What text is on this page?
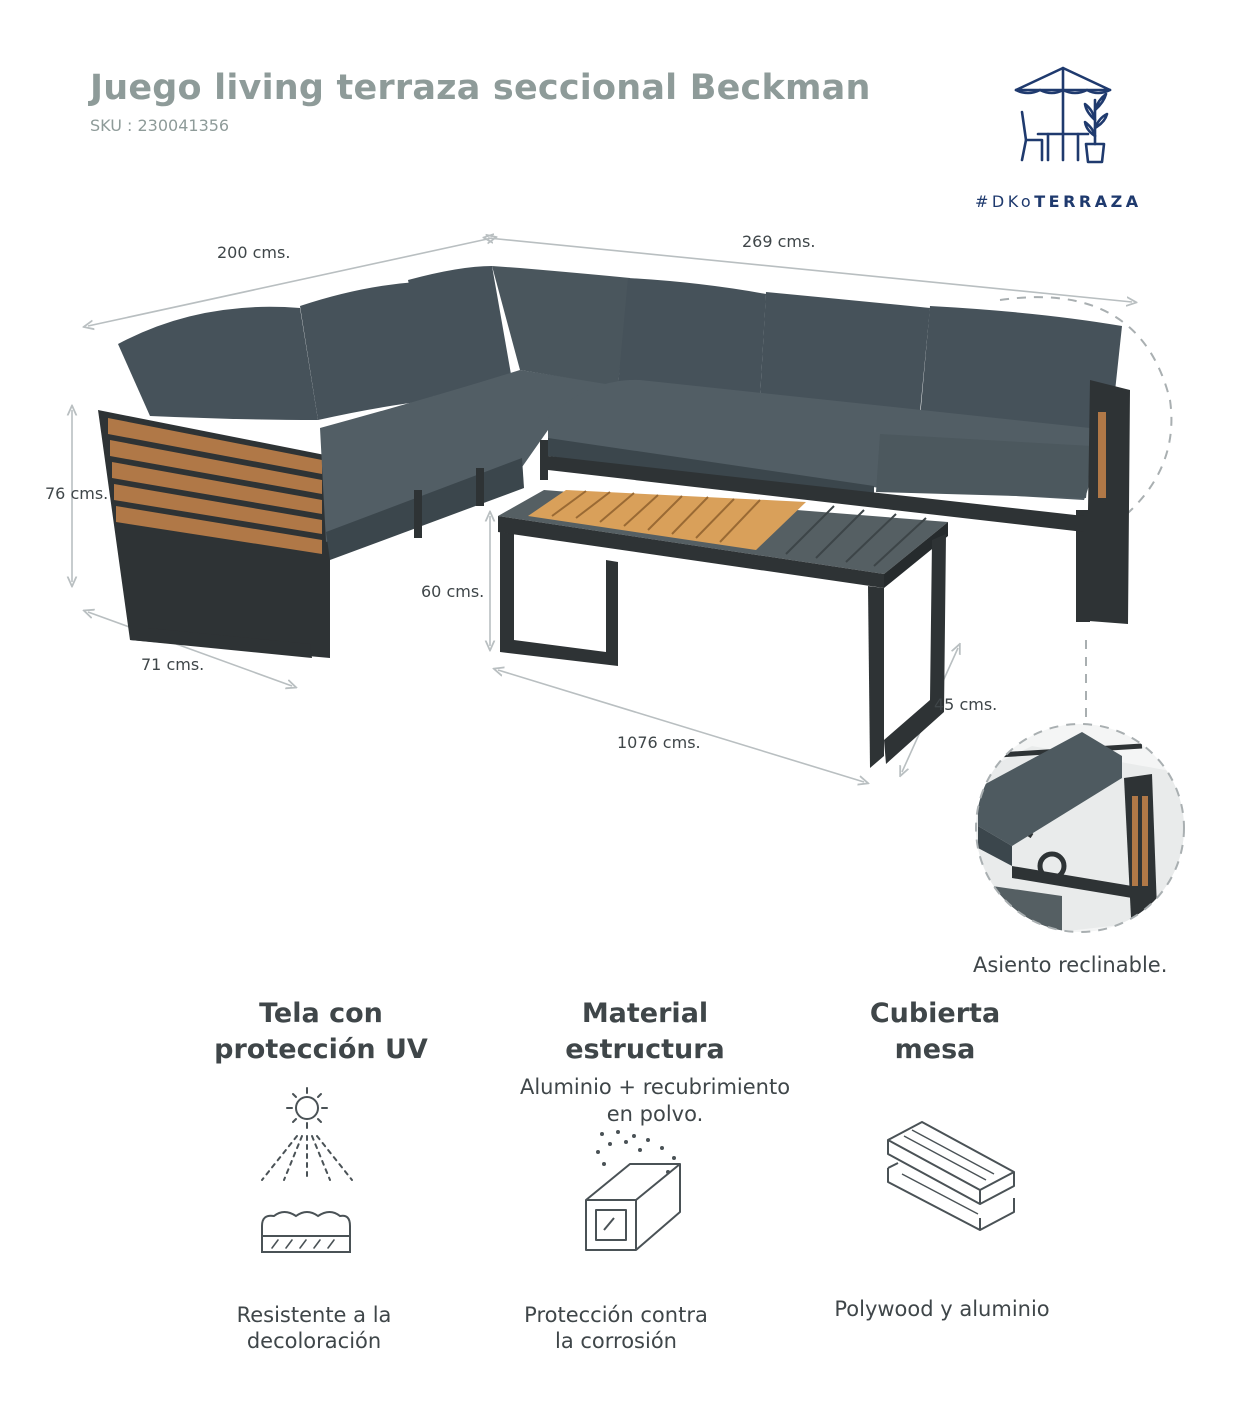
Juego living terraza seccional Beckman
SKU : 230041356
#DKoTERRAZA
200 cms.
269 cms.
76 cms.
71 cms.
60 cms.
1076 cms.
45 cms.
Asiento reclinable.
Tela con
protección UV
Resistente a la
decoloración
Material
estructura
Aluminio + recubrimiento
en polvo.
Protección contra
la corrosión
Cubierta
mesa
Polywood y aluminio
